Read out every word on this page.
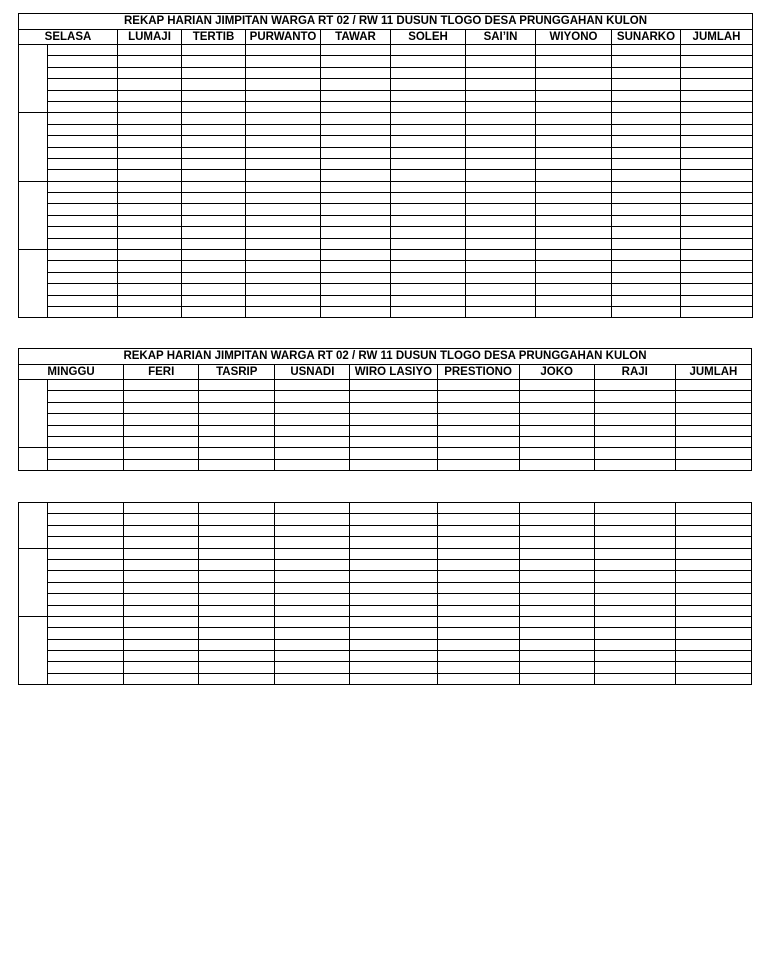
REKAP HARIAN JIMPITAN WARGA RT 02 / RW 11 DUSUN TLOGO DESA PRUNGGAHAN KULON										
SELASA		LUMAJI	TERTIB	PURWANTO	TAWAR	SOLEH	SAI’IN	WIYONO	SUNARKO	JUMLAH

REKAP HARIAN JIMPITAN WARGA RT 02 / RW 11 DUSUN TLOGO DESA PRUNGGAHAN KULON									
MINGGU		FERI	TASRIP	USNADI	WIRO LASIYO	PRESTIONO	JOKO	RAJI	JUMLAH
